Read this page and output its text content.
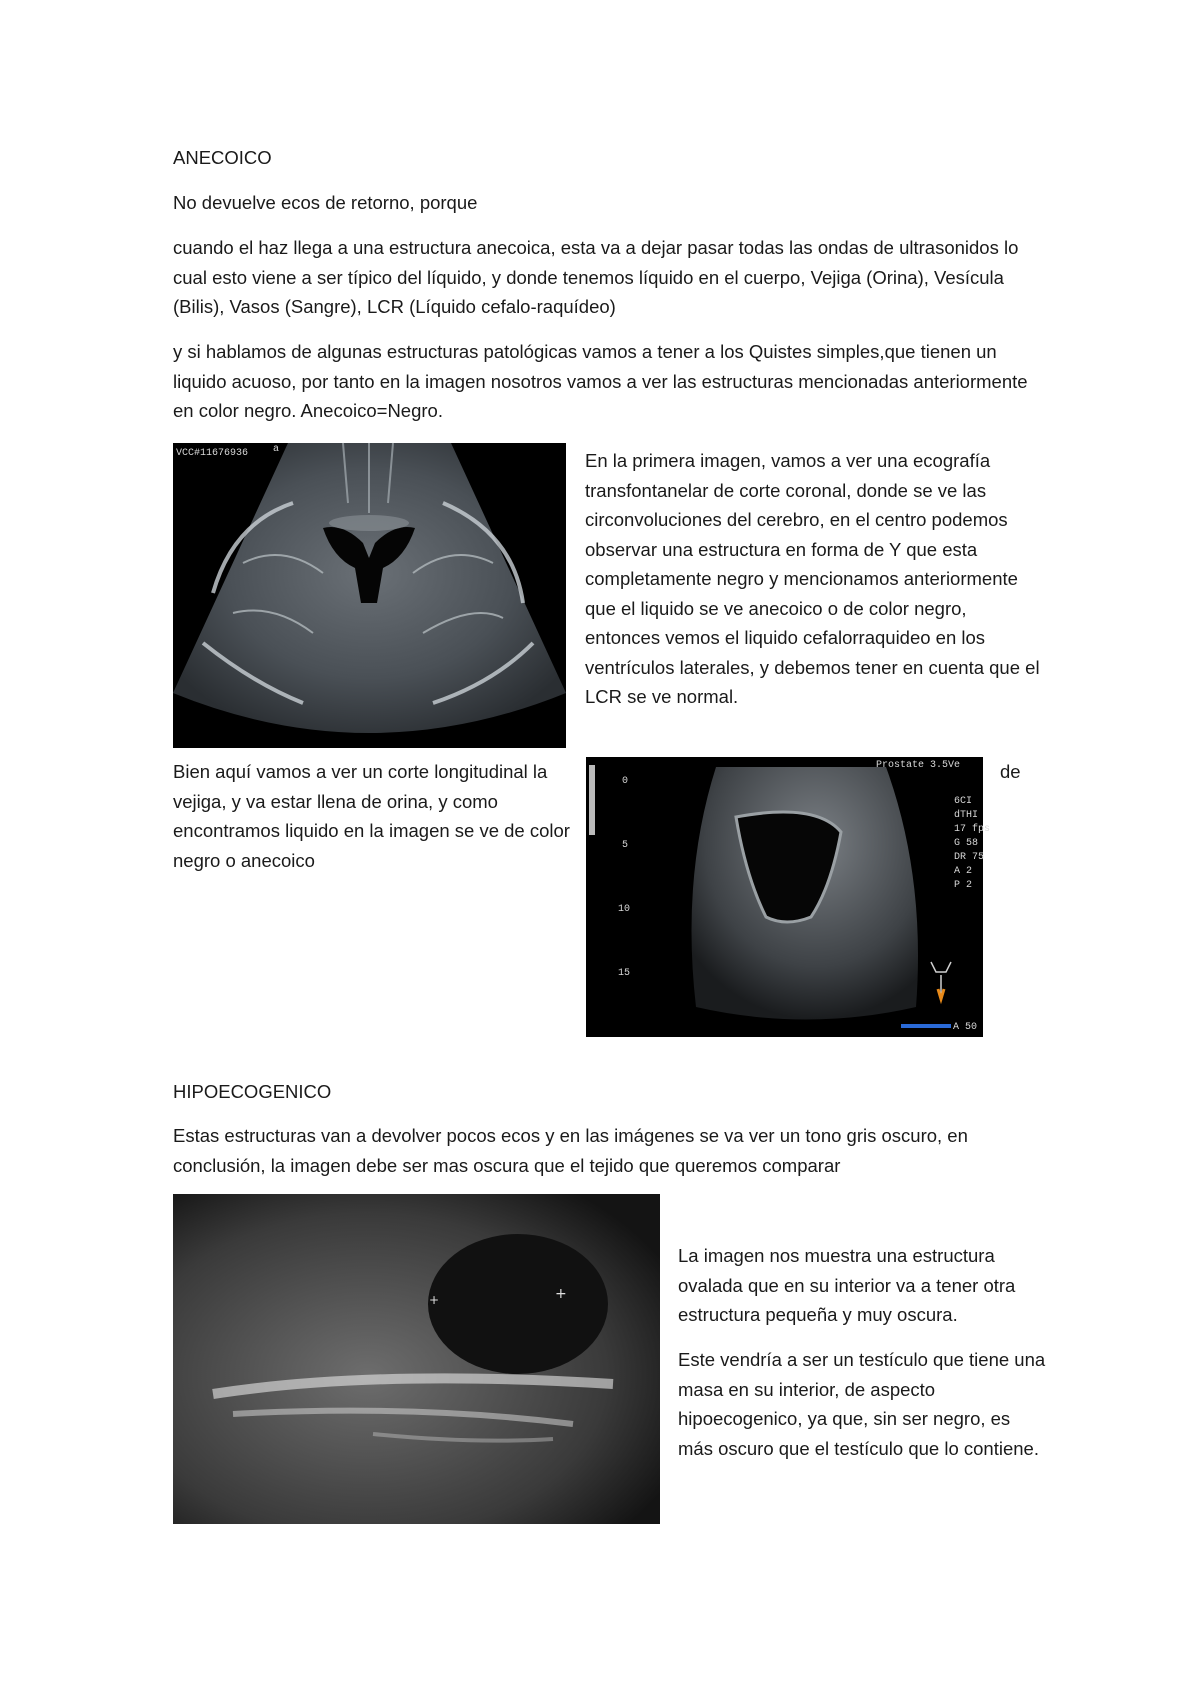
ANECOICO

No devuelve ecos de retorno, porque

cuando el haz llega a una estructura anecoica, esta va a dejar pasar todas las ondas de ultrasonidos lo cual esto viene a ser típico del líquido, y donde tenemos líquido en el cuerpo, Vejiga (Orina), Vesícula (Bilis), Vasos (Sangre), LCR (Líquido cefalo-raquídeo)

y si hablamos de algunas estructuras patológicas vamos a tener a los Quistes simples,que tienen un liquido acuoso, por tanto en la imagen nosotros vamos a ver las estructuras mencionadas anteriormente en color negro. Anecoico=Negro.

VCC#11676936 a

En la primera imagen, vamos a ver una ecografía transfontanelar de corte coronal, donde se ve las circonvoluciones del cerebro, en el centro podemos observar una estructura en forma de Y que esta completamente negro y mencionamos anteriormente que el liquido se ve anecoico o de color negro, entonces vemos el liquido cefalorraquideo en los ventrículos laterales, y debemos tener en cuenta que el LCR se ve normal.

Bien aquí vamos a ver un corte longitudinal la vejiga, y va estar llena de orina, y como encontramos liquido en la imagen se ve de color negro o anecoico

de
Prostate 3.5Ve
6CI
dTHI
17 fps
G 58
DR 75
A 2
P 2
0
5
10
15
A 50

HIPOECOGENICO

Estas estructuras van a devolver pocos ecos y en las imágenes se va ver un tono gris oscuro, en conclusión, la imagen debe ser mas oscura que el tejido que queremos comparar

+
+

La imagen nos muestra una estructura ovalada que en su interior va a tener otra estructura pequeña y muy oscura.

Este vendría a ser un testículo que tiene una masa en su interior, de aspecto hipoecogenico, ya que, sin ser negro, es más oscuro que el testículo que lo contiene.
